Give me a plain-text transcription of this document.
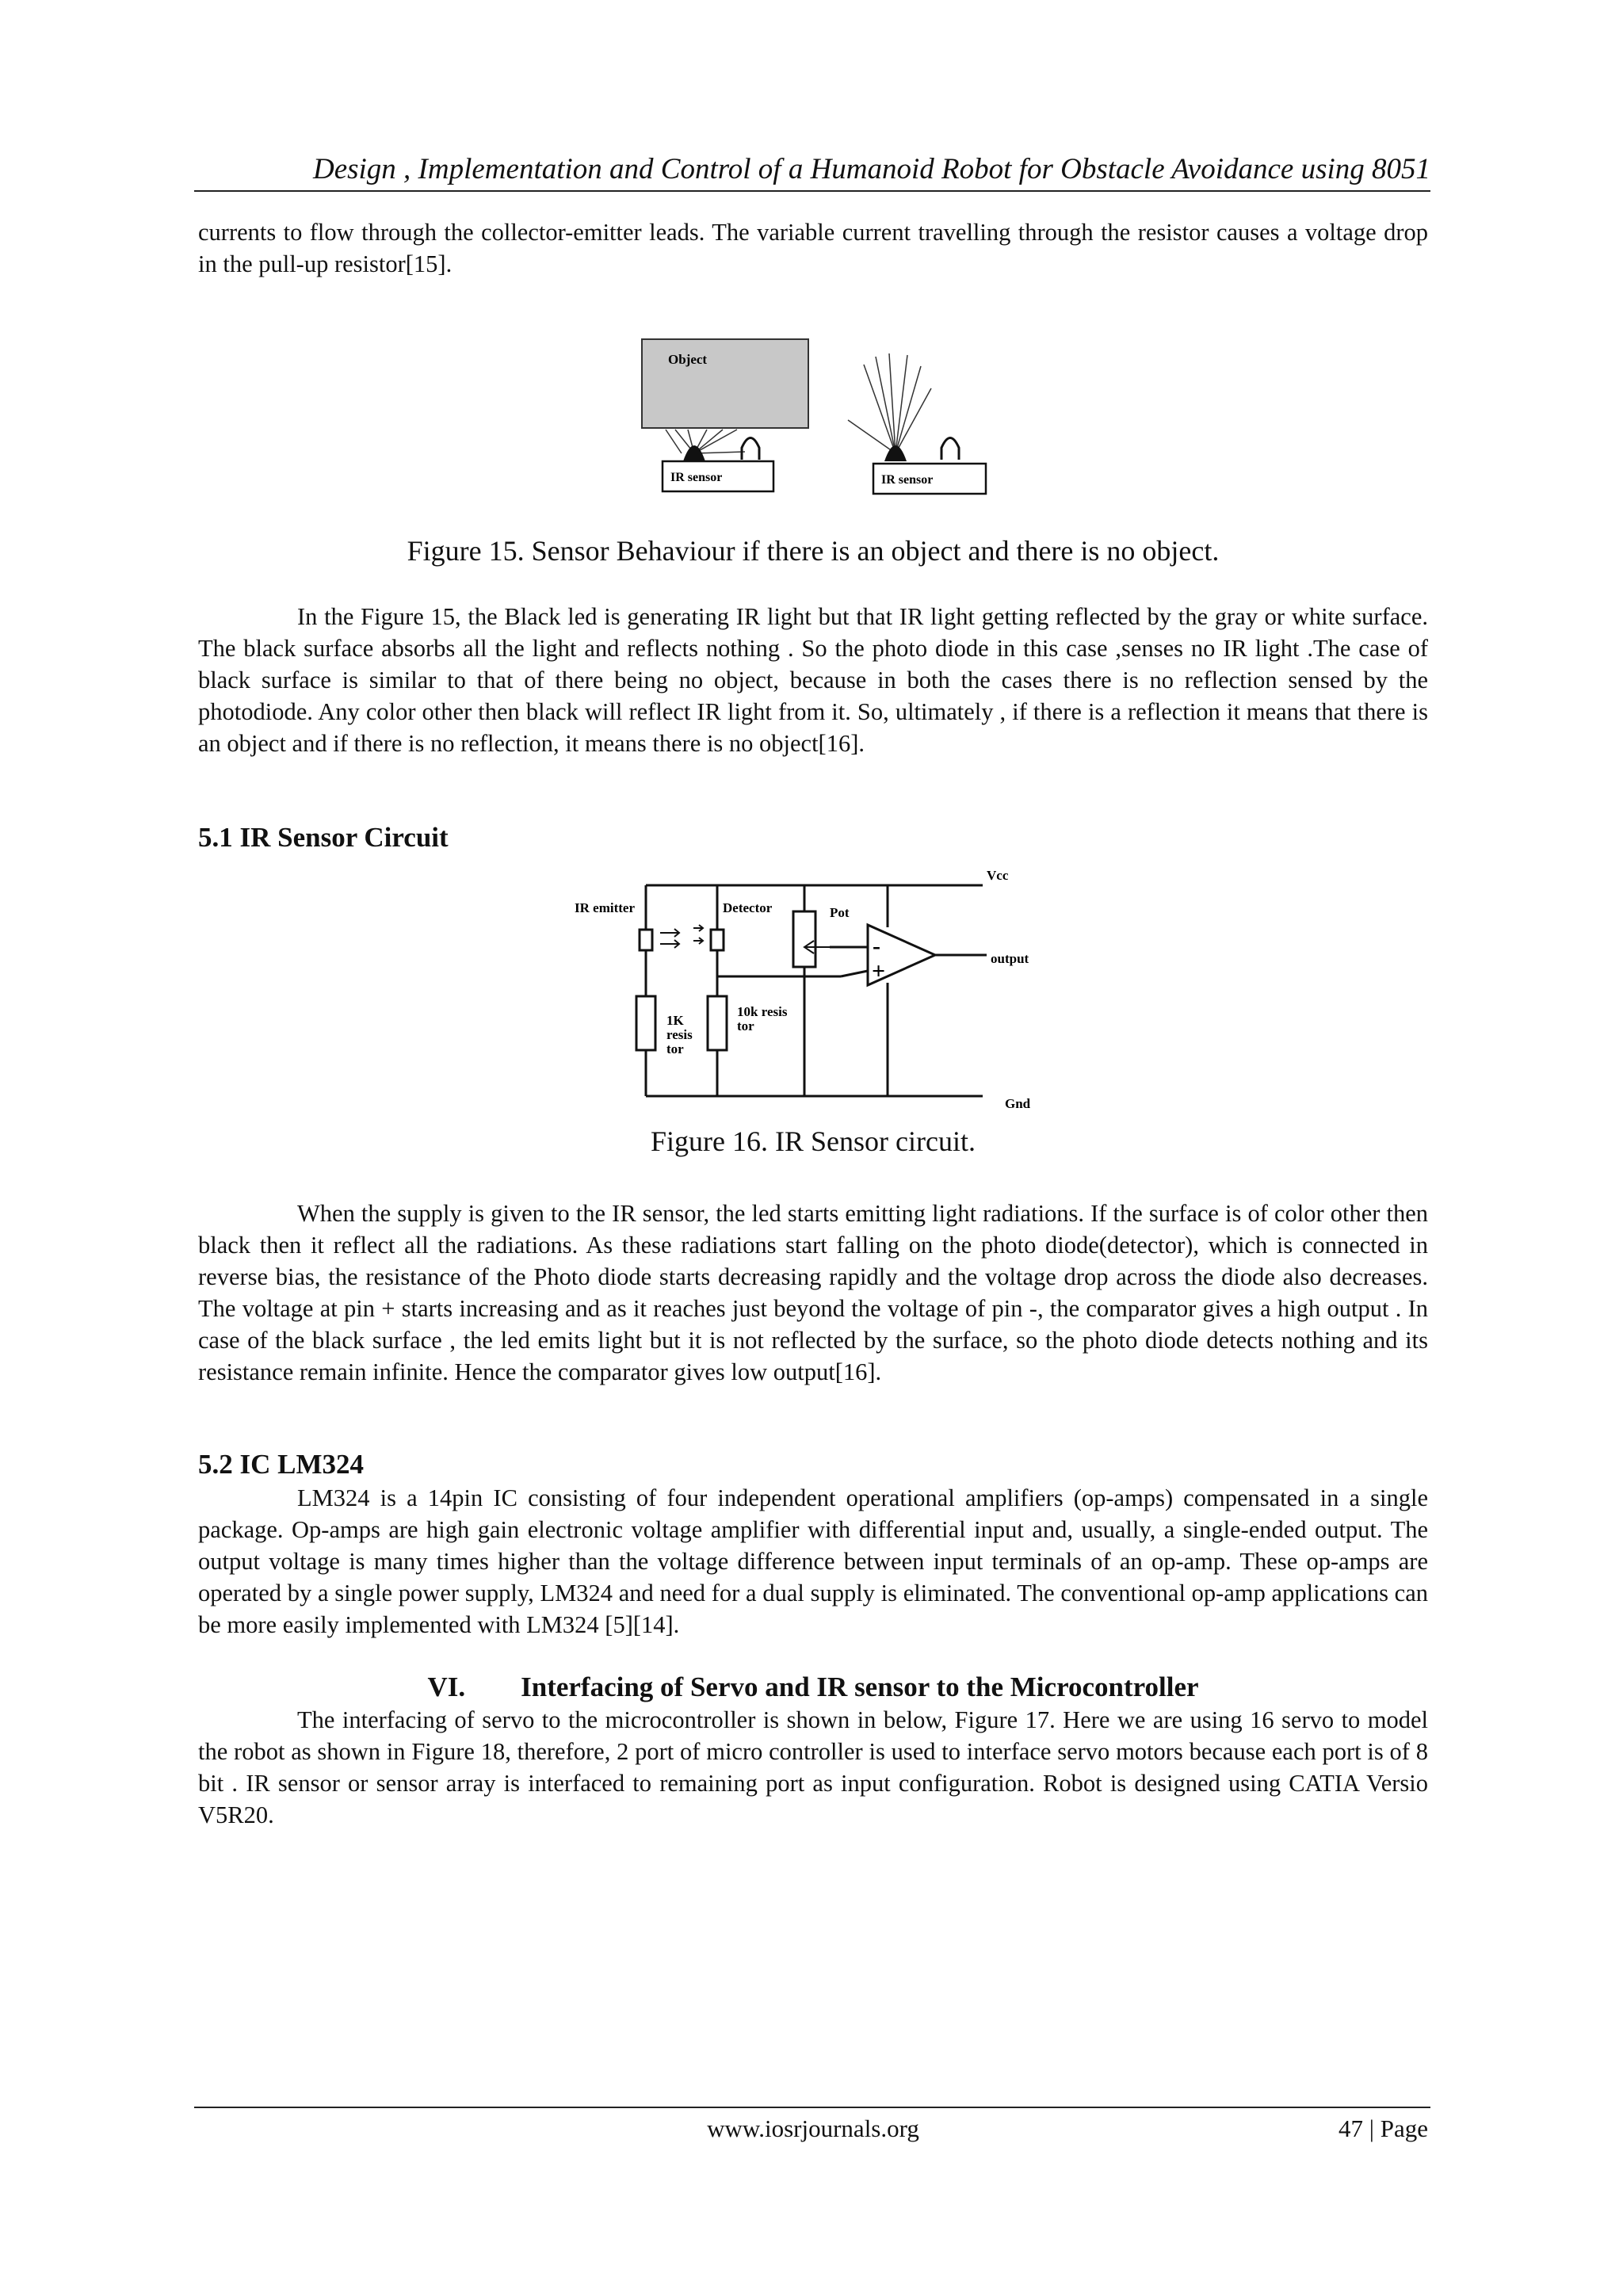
Design , Implementation and Control of a Humanoid Robot for Obstacle Avoidance using 8051

currents to flow through the collector-emitter leads. The variable current travelling through the resistor causes a voltage drop in the pull-up resistor[15].

Object
IR sensor	IR sensor
Figure 15. Sensor Behaviour if there is an object and there is no object.

In the Figure 15, the Black led is generating IR light but that IR light getting reflected by the gray or white surface. The black surface absorbs all the light and reflects nothing . So the photo diode in this case ,senses no IR light .The case of black surface is similar to that of there being no object, because in both the cases there is no reflection sensed by the photodiode. Any color other then black will reflect IR light from it. So, ultimately , if there is a reflection it means that there is an object and if there is no reflection, it means there is no object[16].

5.1 IR Sensor Circuit
Vcc
IR emitter	Detector	Pot
output
-
+
1K
resis
tor
10k resis
tor
Gnd
Figure 16. IR Sensor circuit.

When the supply is given to the IR sensor, the led starts emitting light radiations. If the surface is of color other then black then it reflect all the radiations. As these radiations start falling on the photo diode(detector), which is connected in reverse bias, the resistance of the Photo diode starts decreasing rapidly and the voltage drop across the diode also decreases. The voltage at pin + starts increasing and as it reaches just beyond the voltage of pin -, the comparator gives a high output . In case of the black surface , the led emits light but it is not reflected by the surface, so the photo diode detects nothing and its resistance remain infinite. Hence the comparator gives low output[16].

5.2 IC LM324

LM324 is a 14pin IC consisting of four independent operational amplifiers (op-amps) compensated in a single package. Op-amps are high gain electronic voltage amplifier with differential input and, usually, a single-ended output. The output voltage is many times higher than the voltage difference between input terminals of an op-amp. These op-amps are operated by a single power supply, LM324 and need for a dual supply is eliminated. The conventional op-amp applications can be more easily implemented with LM324 [5][14].

VI. Interfacing of Servo and IR sensor to the Microcontroller

The interfacing of servo to the microcontroller is shown in below, Figure 17. Here we are using 16 servo to model the robot as shown in Figure 18, therefore, 2 port of micro controller is used to interface servo motors because each port is of 8 bit . IR sensor or sensor array is interfaced to remaining port as input configuration. Robot is designed using CATIA Versio V5R20.

www.iosrjournals.org	47 | Page
